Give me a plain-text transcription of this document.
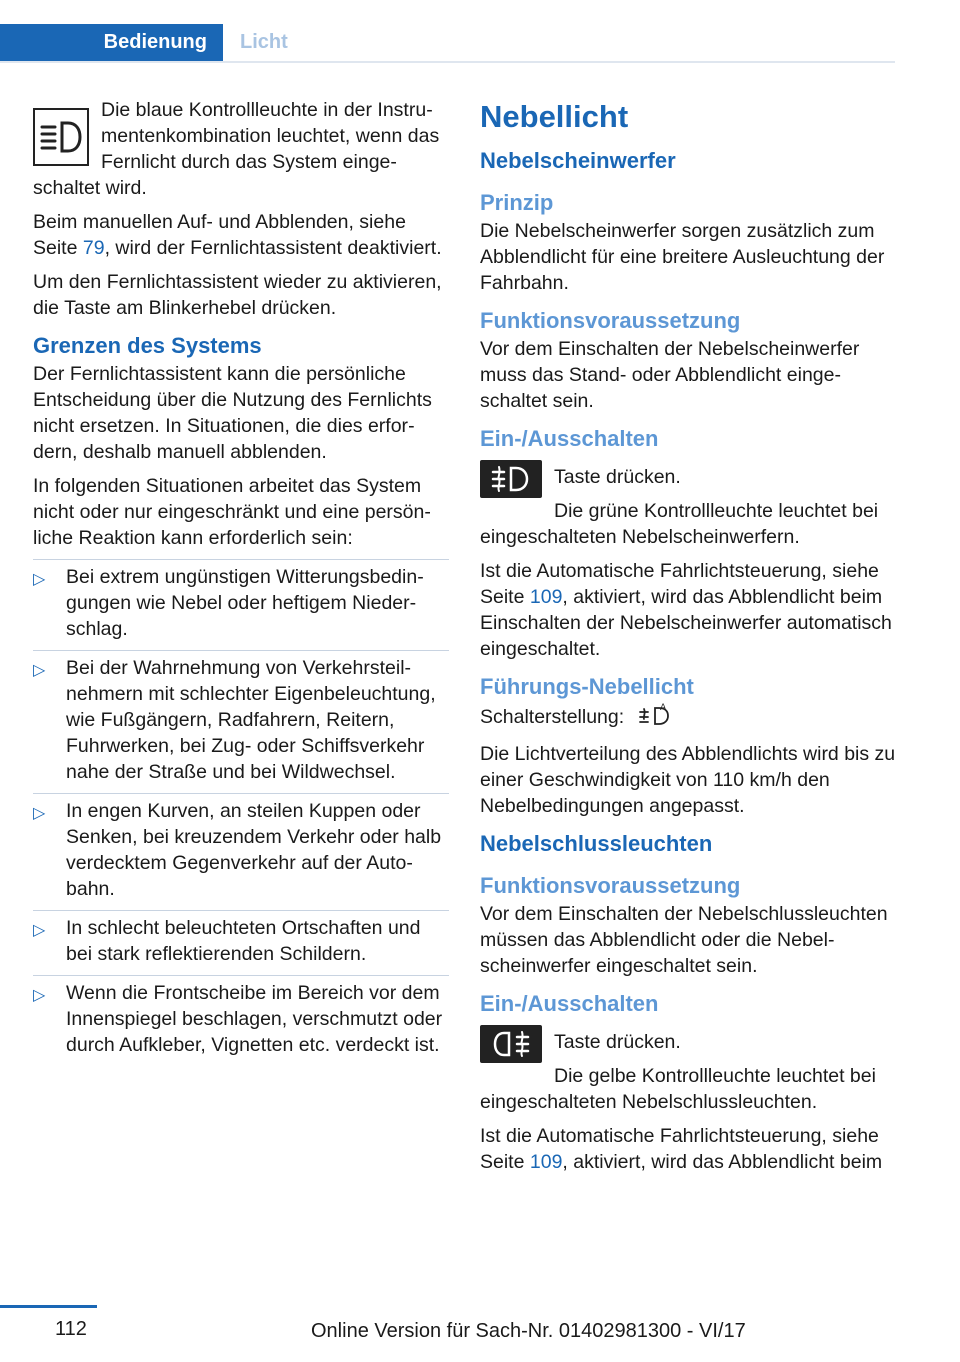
Bedienung	Licht

Die blaue Kontrollleuchte in der Instrumentenkombination leuchtet, wenn das Fernlicht durch das System eingeschaltet wird.

Beim manuellen Auf- und Abblenden, siehe Seite 79, wird der Fernlichtassistent deaktiviert.

Um den Fernlichtassistent wieder zu aktivieren, die Taste am Blinkerhebel drücken.

Grenzen des Systems

Der Fernlichtassistent kann die persönliche Entscheidung über die Nutzung des Fernlichts nicht ersetzen. In Situationen, die dies erfordern, deshalb manuell abblenden.

In folgenden Situationen arbeitet das System nicht oder nur eingeschränkt und eine persönliche Reaktion kann erforderlich sein:

▷ Bei extrem ungünstigen Witterungsbedingungen wie Nebel oder heftigem Niederschlag.
▷ Bei der Wahrnehmung von Verkehrsteilnehmern mit schlechter Eigenbeleuchtung, wie Fußgängern, Radfahrern, Reitern, Fuhrwerken, bei Zug- oder Schiffsverkehr nahe der Straße und bei Wildwechsel.
▷ In engen Kurven, an steilen Kuppen oder Senken, bei kreuzendem Verkehr oder halb verdecktem Gegenverkehr auf der Autobahn.
▷ In schlecht beleuchteten Ortschaften und bei stark reflektierenden Schildern.
▷ Wenn die Frontscheibe im Bereich vor dem Innenspiegel beschlagen, verschmutzt oder durch Aufkleber, Vignetten etc. verdeckt ist.
Nebellicht
Nebelscheinwerfer
Prinzip

Die Nebelscheinwerfer sorgen zusätzlich zum Abblendlicht für eine breitere Ausleuchtung der Fahrbahn.

Funktionsvoraussetzung

Vor dem Einschalten der Nebelscheinwerfer muss das Stand- oder Abblendlicht eingeschaltet sein.

Ein-/Ausschalten

Taste drücken.

Die grüne Kontrollleuchte leuchtet bei eingeschalteten Nebelscheinwerfern.

Ist die Automatische Fahrlichtsteuerung, siehe Seite 109, aktiviert, wird das Abblendlicht beim Einschalten der Nebelscheinwerfer automatisch eingeschaltet.

Führungs-Nebellicht

Schalterstellung:	A

Die Lichtverteilung des Abblendlichts wird bis zu einer Geschwindigkeit von 110 km/h den Nebelbedingungen angepasst.

Nebelschlussleuchten
Funktionsvoraussetzung

Vor dem Einschalten der Nebelschlussleuchten müssen das Abblendlicht oder die Nebelscheinwerfer eingeschaltet sein.

Ein-/Ausschalten

Taste drücken.

Die gelbe Kontrollleuchte leuchtet bei eingeschalteten Nebelschlussleuchten.

Ist die Automatische Fahrlichtsteuerung, siehe Seite 109, aktiviert, wird das Abblendlicht beim

112	Online Version für Sach-Nr. 01402981300 - VI/17
